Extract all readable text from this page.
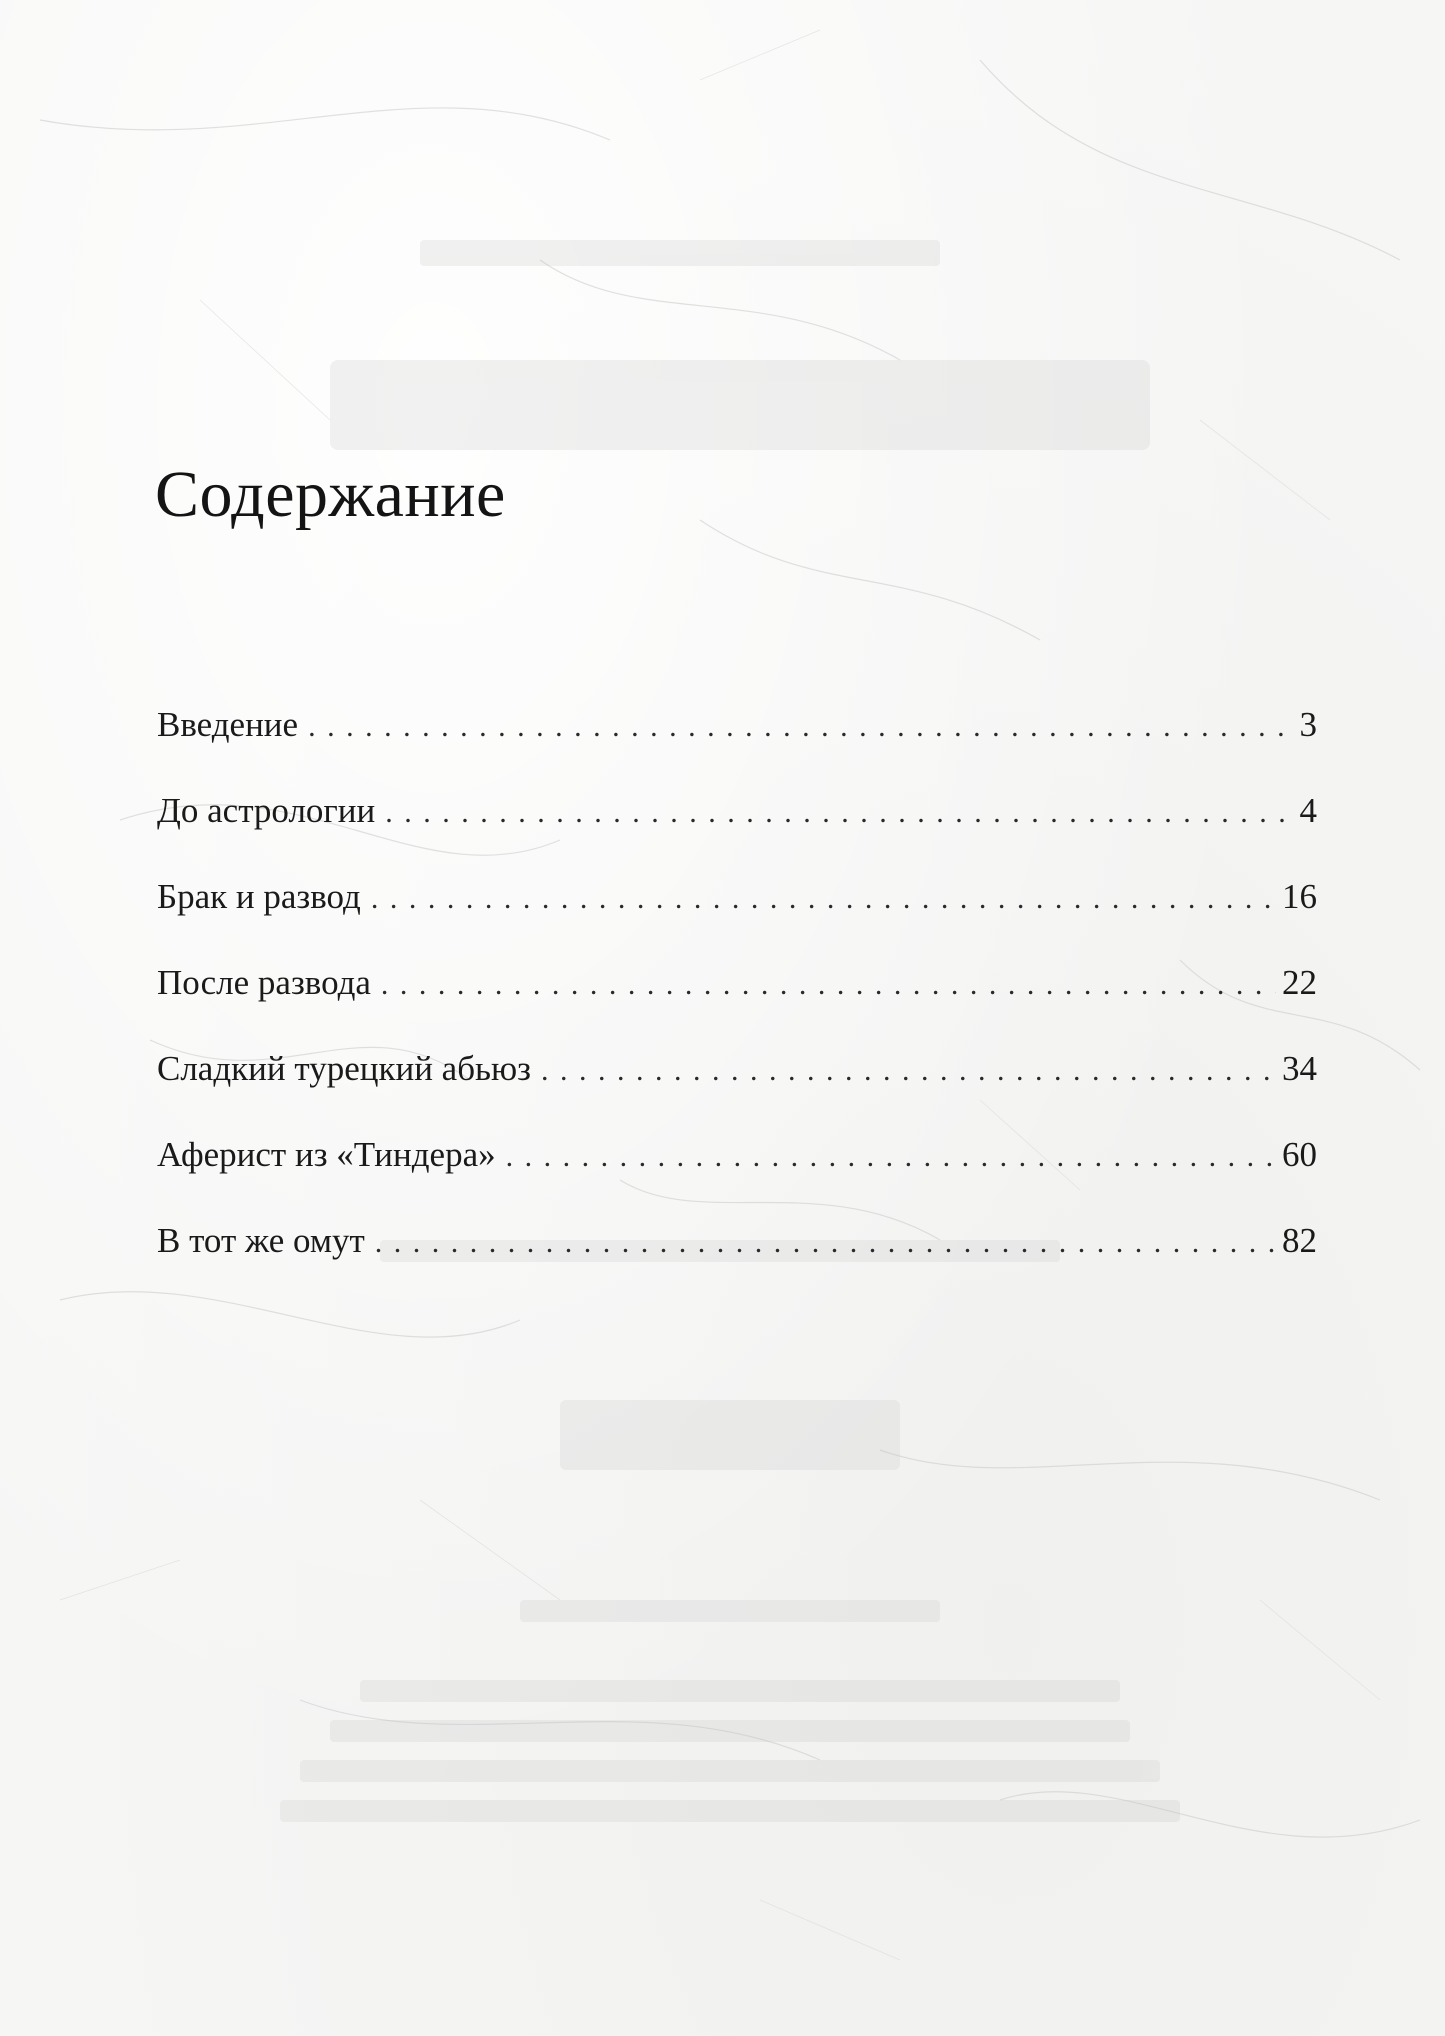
Содержание
Введение . . .	3
До астрологии . . .	4
Брак и развод . . .	16
После развода . . .	22
Сладкий турецкий абьюз . . .	34
Аферист из «Тиндера» . . .	60
В тот же омут . . .	82
